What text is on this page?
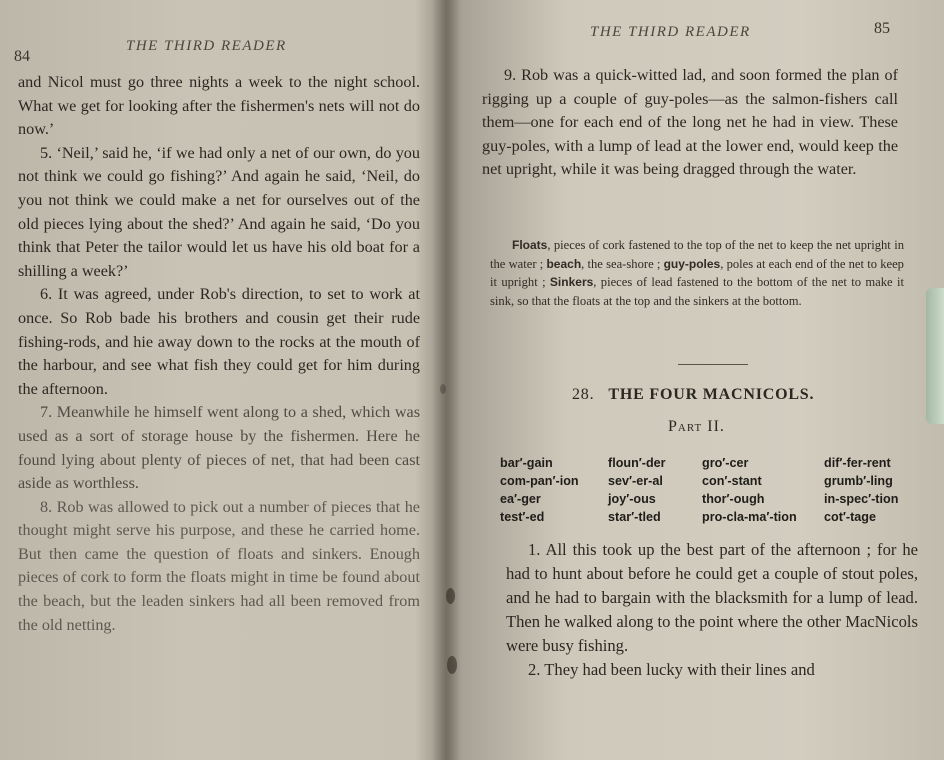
84
THE THIRD READER

and Nicol must go three nights a week to the night school. What we get for looking after the fishermen's nets will not do now.’

5. ‘Neil,’ said he, ‘if we had only a net of our own, do you not think we could go fishing?’ And again he said, ‘Neil, do you not think we could make a net for ourselves out of the old pieces lying about the shed?’ And again he said, ‘Do you think that Peter the tailor would let us have his old boat for a shilling a week?’

6. It was agreed, under Rob's direction, to set to work at once. So Rob bade his brothers and cousin get their rude fishing-rods, and hie away down to the rocks at the mouth of the harbour, and see what fish they could get for him during the afternoon.

7. Meanwhile he himself went along to a shed, which was used as a sort of storage house by the fishermen. Here he found lying about plenty of pieces of net, that had been cast aside as worthless.

8. Rob was allowed to pick out a number of pieces that he thought might serve his purpose, and these he carried home. But then came the question of floats and sinkers. Enough pieces of cork to form the floats might in time be found about the beach, but the leaden sinkers had all been removed from the old netting.

THE THIRD READER	85

9. Rob was a quick-witted lad, and soon formed the plan of rigging up a couple of guy-poles—as the salmon-fishers call them—one for each end of the long net he had in view. These guy-poles, with a lump of lead at the lower end, would keep the net upright, while it was being dragged through the water.

Floats, pieces of cork fastened to the top of the net to keep the net upright in the water ; beach, the sea-shore ; guy-poles, poles at each end of the net to keep it upright ; Sinkers, pieces of lead fastened to the bottom of the net to make it sink, so that the floats at the top and the sinkers at the bottom.
28. THE FOUR MACNICOLS.
Part II.
bar′-gain	floun′-der	gro′-cer	dif′-fer-rent
com-pan′-ion	sev′-er-al	con′-stant	grumb′-ling
ea′-ger	joy′-ous	thor′-ough	in-spec′-tion
test′-ed	star′-tled	pro-cla-ma′-tion	cot′-tage

1. All this took up the best part of the afternoon ; for he had to hunt about before he could get a couple of stout poles, and he had to bargain with the blacksmith for a lump of lead. Then he walked along to the point where the other MacNicols were busy fishing.

2. They had been lucky with their lines and
